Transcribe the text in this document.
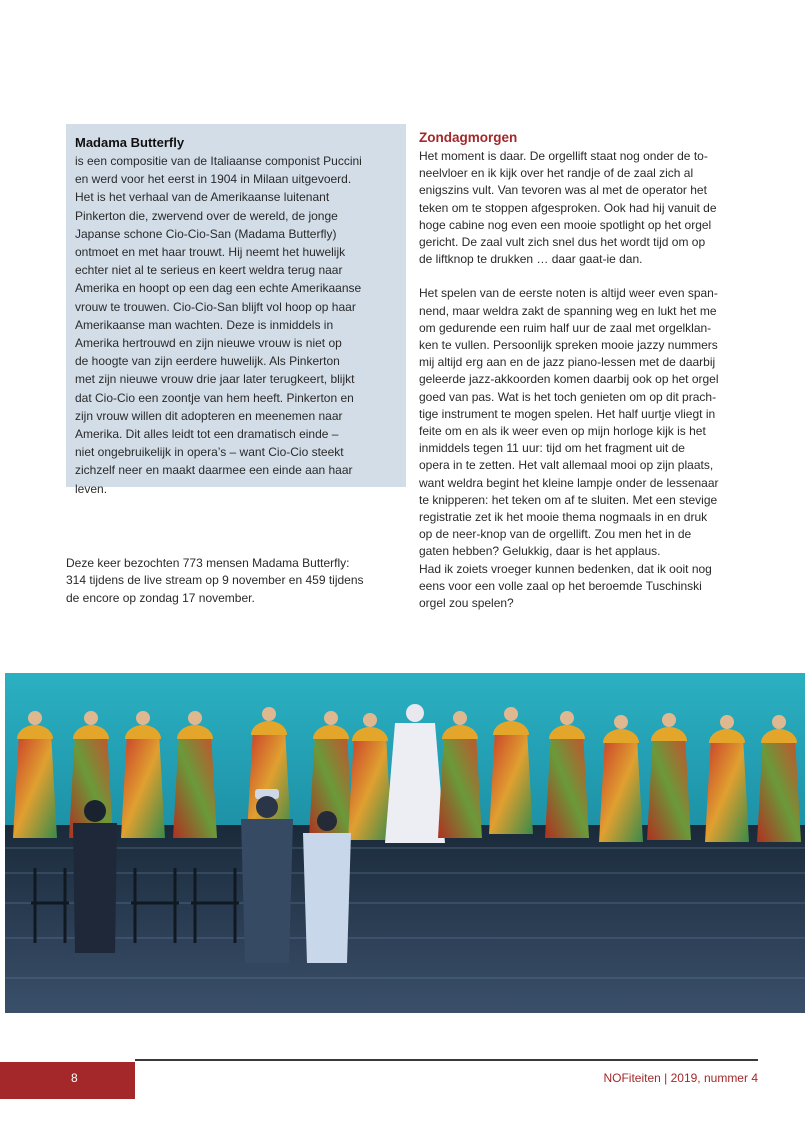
Madama Butterfly
is een compositie van de Italiaanse componist Puccini
en werd voor het eerst in 1904 in Milaan uitgevoerd.
Het is het verhaal van de Amerikaanse luitenant
Pinkerton die, zwervend over de wereld, de jonge
Japanse schone Cio-Cio-San (Madama Butterfly)
ontmoet en met haar trouwt. Hij neemt het huwelijk
echter niet al te serieus en keert weldra terug naar
Amerika en hoopt op een dag een echte Amerikaanse
vrouw te trouwen. Cio-Cio-San blijft vol hoop op haar
Amerikaanse man wachten. Deze is inmiddels in
Amerika hertrouwd en zijn nieuwe vrouw is niet op
de hoogte van zijn eerdere huwelijk. Als Pinkerton
met zijn nieuwe vrouw drie jaar later terugkeert, blijkt
dat Cio-Cio een zoontje van hem heeft. Pinkerton en
zijn vrouw willen dit adopteren en meenemen naar
Amerika. Dit alles leidt tot een dramatisch einde –
niet ongebruikelijk in opera’s – want Cio-Cio steekt
zichzelf neer en maakt daarmee een einde aan haar
leven.
Deze keer bezochten 773 mensen Madama Butterfly:
314 tijdens de live stream op 9 november en 459 tijdens
de encore op zondag 17 november.
Zondagmorgen
Het moment is daar. De orgellift staat nog onder de to-
neelvloer en ik kijk over het randje of de zaal zich al
enigszins vult. Van tevoren was al met de operator het
teken om te stoppen afgesproken. Ook had hij vanuit de
hoge cabine nog even een mooie spotlight op het orgel
gericht. De zaal vult zich snel dus het wordt tijd om op
de liftknop te drukken … daar gaat-ie dan.
Het spelen van de eerste noten is altijd weer even span-
nend, maar weldra zakt de spanning weg en lukt het me
om gedurende een ruim half uur de zaal met orgelklan-
ken te vullen. Persoonlijk spreken mooie jazzy nummers
mij altijd erg aan en de jazz piano-lessen met de daarbij
geleerde jazz-akkoorden komen daarbij ook op het orgel
goed van pas. Wat is het toch genieten om op dit prach-
tige instrument te mogen spelen. Het half uurtje vliegt in
feite om en als ik weer even op mijn horloge kijk is het
inmiddels tegen 11 uur: tijd om het fragment uit de
opera in te zetten. Het valt allemaal mooi op zijn plaats,
want weldra begint het kleine lampje onder de lessenaar
te knipperen: het teken om af te sluiten. Met een stevige
registratie zet ik het mooie thema nogmaals in en druk
op de neer-knop van de orgellift. Zou men het in de
gaten hebben? Gelukkig, daar is het applaus.
Had ik zoiets vroeger kunnen bedenken, dat ik ooit nog
eens voor een volle zaal op het beroemde Tuschinski
orgel zou spelen?
8	NOFiteiten | 2019, nummer 4
